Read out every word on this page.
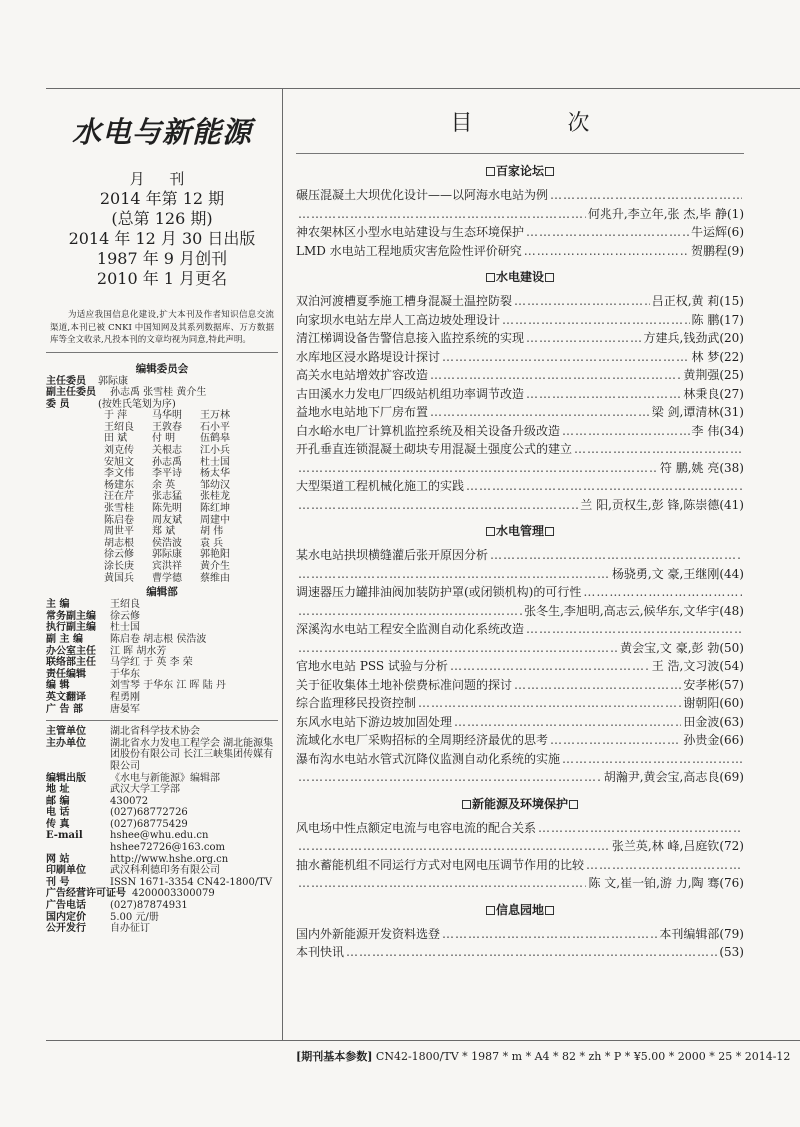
水电与新能源
月 刊
2014 年第 12 期
(总第 126 期)
2014 年 12 月 30 日出版
1987 年 9 月创刊
2010 年 1 月更名
为适应我国信息化建设,扩大本刊及作者知识信息交流渠道,本刊已被 CNKI 中国知网及其系列数据库、万方数据库等全文收录,凡投本刊的文章均视为同意,特此声明。
编辑委员会
主任委员	郭际康
副主任委员	孙志禹 张雪桂 黄介生
委 员	(按姓氏笔划为序)
于 萍	马华明	王万林
王绍良	王敦春	石小平
田 斌	付 明	伍鹤皋
刘克传	关根志	江小兵
安旭文	孙志禹	杜士国
李文伟	李平诗	杨太华
杨建东	余 英	邹幼汉
汪在芹	张志猛	张桂龙
张雪桂	陈先明	陈红坤
陈启卷	周友斌	周建中
周世平	郑 斌	胡 伟
胡志根	侯浩波	袁 兵
徐云修	郭际康	郭艳阳
涂长庚	宾洪祥	黄介生
黄国兵	曹学德	蔡维由
编辑部
主 编	王绍良
常务副主编	徐云修
执行副主编	杜士国
副 主 编	陈启卷 胡志根 侯浩波
办公室主任	江 晖 胡水芳
联络部主任	马学红 于 英 李 荣
责任编辑	于华东
编 辑	刘雪琴 于华东 江 晖 陆 丹
英文翻译	程勇刚
广 告 部	唐晏军
主管单位	湖北省科学技术协会
主办单位	湖北省水力发电工程学会 湖北能源集团股份有限公司 长江三峡集团传媒有限公司
编辑出版	《水电与新能源》编辑部
地 址	武汉大学工学部
邮 编	430072
电 话	(027)68772726
传 真	(027)68775429
E-mail	hshee@whu.edu.cn hshee72726@163.com
网 站	http://www.hshe.org.cn
印刷单位	武汉科利德印务有限公司
刊 号	ISSN 1671-3354 CN42-1800/TV
广告经营许可证号 4200003300079
广告电话	(027)87874931
国内定价	5.00 元/册
公开发行	自办征订
目 次
百家论坛
碾压混凝土大坝优化设计——以阿海水电站为例
……………………………………………………………………………………………………………
……………………………………………………………………………………………………………
何兆升,李立年,张 杰,毕 静 (1)
神农架林区小型水电站建设与生态环境保护 ……………………………………………………………………………………………………………	牛运辉 (6)
LMD 水电站工程地质灾害危险性评价研究 ……………………………………………………………………………………………………………	贺鹏程 (9)
水电建设
双泊河渡槽夏季施工槽身混凝土温控防裂 ……………………………………………………………………………………………………………	吕正权,黄 莉 (15)
向家坝水电站左岸人工高边坡处理设计 ……………………………………………………………………………………………………………	陈 鹏 (17)
清江梯调设备告警信息接入监控系统的实现 ……………………………………………………………………………………………………………	方建兵,钱劲武 (20)
水库地区浸水路堤设计探讨 ……………………………………………………………………………………………………………	林 梦 (22)
高关水电站增效扩容改造 ……………………………………………………………………………………………………………	黄荆强 (25)
古田溪水力发电厂四级站机组功率调节改造 ……………………………………………………………………………………………………………	林秉良 (27)
益地水电站地下厂房布置 ……………………………………………………………………………………………………………	梁 剑,谭清林 (31)
白水峪水电厂计算机监控系统及相关设备升级改造 ……………………………………………………………………………………………………………	李 伟 (34)
开孔垂直连锁混凝土砌块专用混凝土强度公式的建立
……………………………………………………………………………………………………………
……………………………………………………………………………………………………………
符 鹏,姚 亮 (38)
大型渠道工程机械化施工的实践
……………………………………………………………………………………………………………
……………………………………………………………………………………………………………
兰 阳,贡权生,彭 锋,陈崇德 (41)
水电管理
某水电站拱坝横缝灌后张开原因分析
……………………………………………………………………………………………………………
……………………………………………………………………………………………………………
杨骁勇,文 豪,王继刚 (44)
调速器压力罐排油阀加装防护罩(或闭锁机构)的可行性
……………………………………………………………………………………………………………
……………………………………………………………………………………………………………
张冬生,李旭明,高志云,候华东,文华宇 (48)
深溪沟水电站工程安全监测自动化系统改造
……………………………………………………………………………………………………………
……………………………………………………………………………………………………………
黄会宝,文 豪,彭 勃 (50)
官地水电站 PSS 试验与分析 ……………………………………………………………………………………………………………	王 浩,文习波 (54)
关于征收集体土地补偿费标准问题的探讨 ……………………………………………………………………………………………………………	安孝彬 (57)
综合监理移民投资控制 ……………………………………………………………………………………………………………	谢朝阳 (60)
东风水电站下游边坡加固处理 ……………………………………………………………………………………………………………	田金波 (63)
流域化水电厂采购招标的全周期经济最优的思考 ……………………………………………………………………………………………………………	孙贵金 (66)
瀑布沟水电站水管式沉降仪监测自动化系统的实施
……………………………………………………………………………………………………………
……………………………………………………………………………………………………………
胡瀚尹,黄会宝,高志良 (69)
新能源及环境保护
风电场中性点额定电流与电容电流的配合关系
……………………………………………………………………………………………………………
……………………………………………………………………………………………………………
张兰英,林 峰,吕庭钦 (72)
抽水蓄能机组不同运行方式对电网电压调节作用的比较
……………………………………………………………………………………………………………
……………………………………………………………………………………………………………
陈 文,崔一铂,游 力,陶 骞 (76)
信息园地
国内外新能源开发资料选登 ……………………………………………………………………………………………………………	本刊编辑部 (79)
本刊快讯 ……………………………………………………………………………………………………………	(53)
[期刊基本参数] CN42-1800/TV * 1987 * m * A4 * 82 * zh * P * ¥5.00 * 2000 * 25 * 2014-12
